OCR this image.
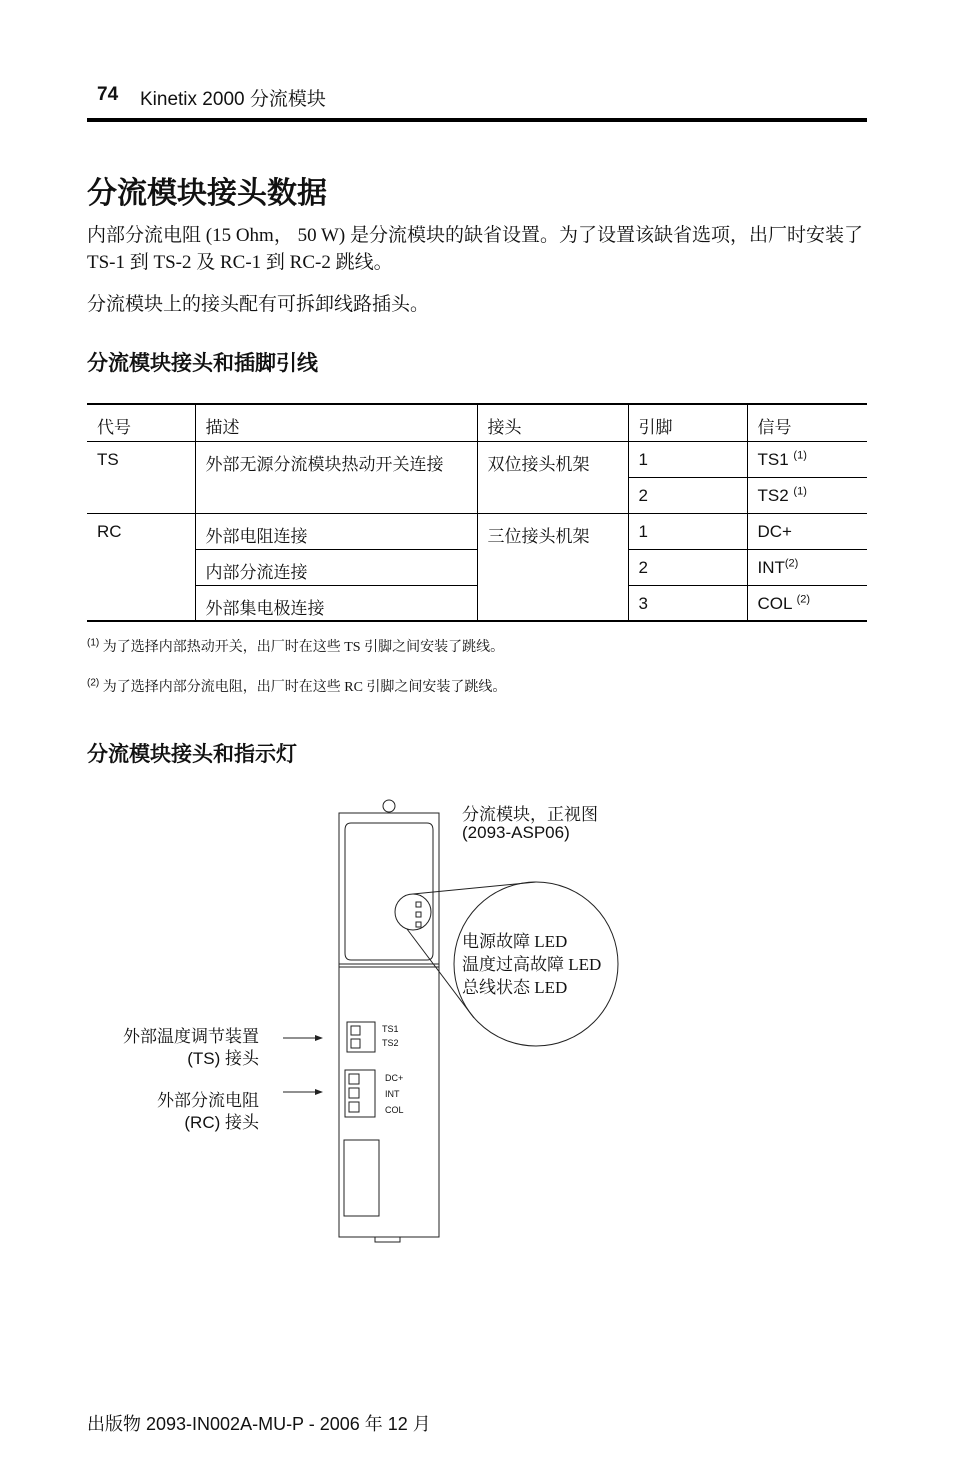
74 Kinetix 2000 分流模块
分流模块接头数据
内部分流电阻 (15 Ohm， 50 W) 是分流模块的缺省设置。为了设置该缺省选项，出厂时安装了 TS-1 到 TS-2 及 RC-1 到 RC-2 跳线。
分流模块上的接头配有可拆卸线路插头。
分流模块接头和插脚引线
代号	描述	接头	引脚	信号
TS	外部无源分流模块热动开关连接	双位接头机架	1	TS1 $^{(1)}$
			2	TS2 $^{(1)}$
RC	外部电阻连接	三位接头机架	1	DC+
	内部分流连接		2	INT$^{(2)}$
	外部集电极连接		3	COL $^{(2)}$
$^{(1)}$ 为了选择内部热动开关，出厂时在这些 TS 引脚之间安装了跳线。
$^{(2)}$ 为了选择内部分流电阻，出厂时在这些 RC 引脚之间安装了跳线。
分流模块接头和指示灯
分流模块，正视图
(2093-ASP06)
电源故障 LED
温度过高故障 LED
总线状态 LED
外部温度调节装置
(TS) 接头
外部分流电阻
(RC) 接头
TS1
TS2
DC+
INT
COL
出版物 2093-IN002A-MU-P - 2006 年 12 月
